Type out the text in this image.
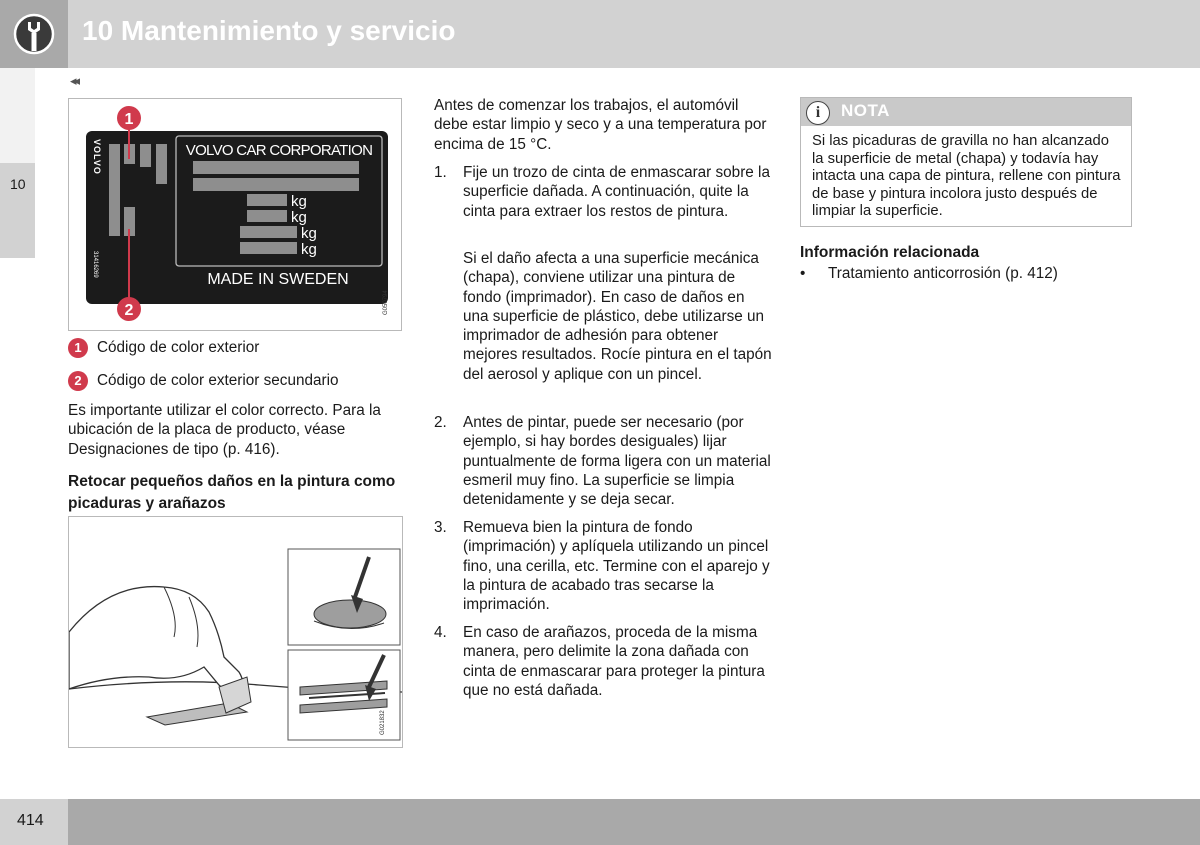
10 Mantenimiento y servicio
◂◂
10
VOLVO
31416269
VOLVO CAR CORPORATION
kg
kg
kg
kg
MADE IN SWEDEN
1
2	G050794
1	Código de color exterior
2	Código de color exterior secundario
Es importante utilizar el color correcto. Para la ubicación de la placa de producto, véase Designaciones de tipo (p. 416).
Retocar pequeños daños en la pintura como picaduras y arañazos
G021832
Antes de comenzar los trabajos, el automóvil debe estar limpio y seco y a una temperatura por encima de 15 °C.
1. Fije un trozo de cinta de enmascarar sobre la superficie dañada. A continuación, quite la cinta para extraer los restos de pintura.
Si el daño afecta a una superficie mecánica (chapa), conviene utilizar una pintura de fondo (imprimador). En caso de daños en una superficie de plástico, debe utilizarse un imprimador de adhesión para obtener mejores resultados. Rocíe pintura en el tapón del aerosol y aplique con un pincel.
2. Antes de pintar, puede ser necesario (por ejemplo, si hay bordes desiguales) lijar puntualmente de forma ligera con un material esmeril muy fino. La superficie se limpia detenidamente y se deja secar.
3. Remueva bien la pintura de fondo (imprimación) y aplíquela utilizando un pincel fino, una cerilla, etc. Termine con el aparejo y la pintura de acabado tras secarse la imprimación.
4. En caso de arañazos, proceda de la misma manera, pero delimite la zona dañada con cinta de enmascarar para proteger la pintura que no está dañada.
i	NOTA
Si las picaduras de gravilla no han alcanzado la superficie de metal (chapa) y todavía hay intacta una capa de pintura, rellene con pintura de base y pintura incolora justo después de limpiar la superficie.
Información relacionada
• Tratamiento anticorrosión (p. 412)
414
